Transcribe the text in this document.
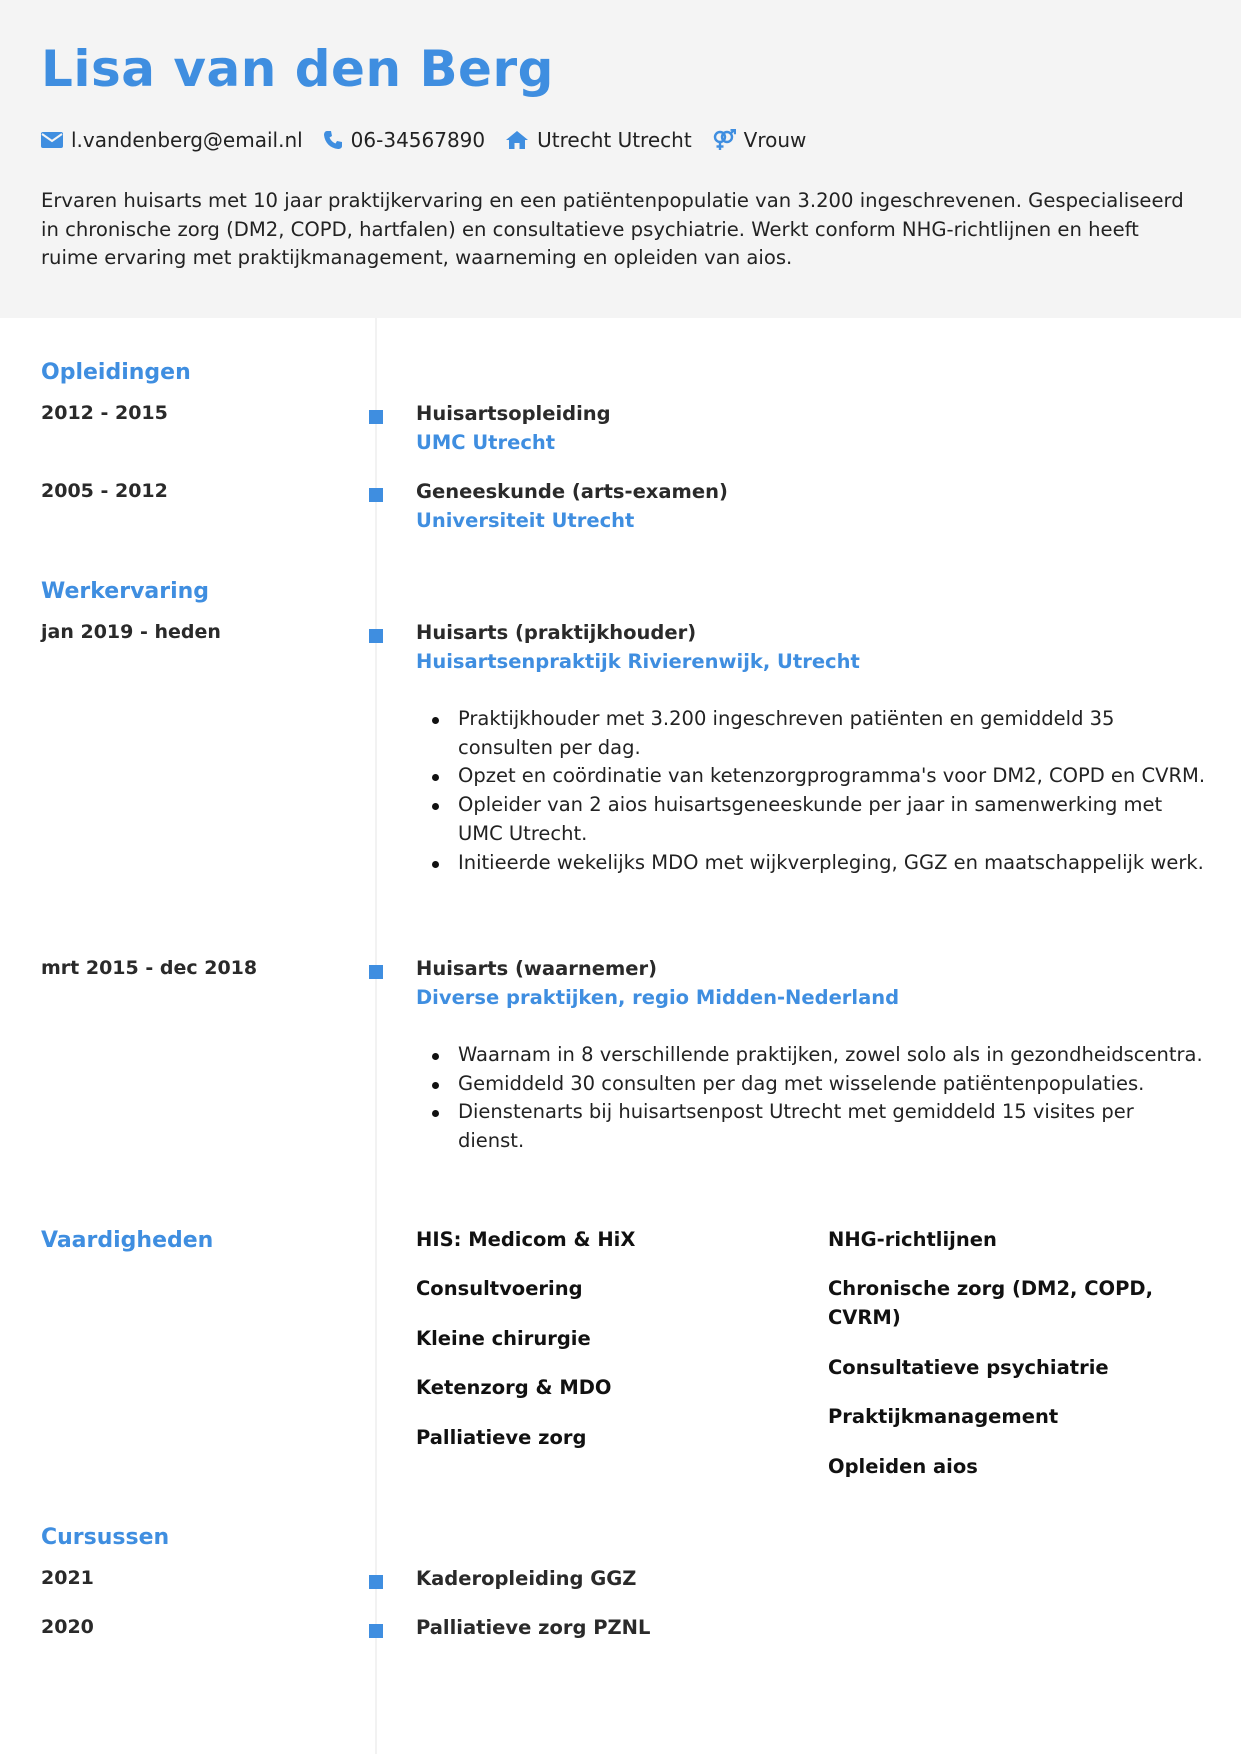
Lisa van den Berg
l.vandenberg@email.nl 06-34567890	Utrecht Utrecht	Vrouw
Ervaren huisarts met 10 jaar praktijkervaring en een patiëntenpopulatie van 3.200 ingeschrevenen. Gespecialiseerd in chronische zorg (DM2, COPD, hartfalen) en consultatieve psychiatrie. Werkt conform NHG-richtlijnen en heeft ruime ervaring met praktijkmanagement, waarneming en opleiden van aios.
Opleidingen
2012 - 2015	Huisartsopleiding
UMC Utrecht
2005 - 2012	Geneeskunde (arts-examen)
Universiteit Utrecht
Werkervaring
jan 2019 - heden	Huisarts (praktijkhouder)
Huisartsenpraktijk Rivierenwijk, Utrecht
Praktijkhouder met 3.200 ingeschreven patiënten en gemiddeld 35 consulten per dag.
Opzet en coördinatie van ketenzorgprogramma's voor DM2, COPD en CVRM.
Opleider van 2 aios huisartsgeneeskunde per jaar in samenwerking met UMC Utrecht.
Initieerde wekelijks MDO met wijkverpleging, GGZ en maatschappelijk werk.
mrt 2015 - dec 2018	Huisarts (waarnemer)
Diverse praktijken, regio Midden-Nederland
Waarnam in 8 verschillende praktijken, zowel solo als in gezondheidscentra.
Gemiddeld 30 consulten per dag met wisselende patiëntenpopulaties.
Dienstenarts bij huisartsenpost Utrecht met gemiddeld 15 visites per dienst.
Vaardigheden	HIS: Medicom & HiX
Consultvoering
Kleine chirurgie
Ketenzorg & MDO
Palliatieve zorg
NHG-richtlijnen
Chronische zorg (DM2, COPD, CVRM)
Consultatieve psychiatrie
Praktijkmanagement
Opleiden aios
Cursussen
2021	Kaderopleiding GGZ
2020	Palliatieve zorg PZNL
